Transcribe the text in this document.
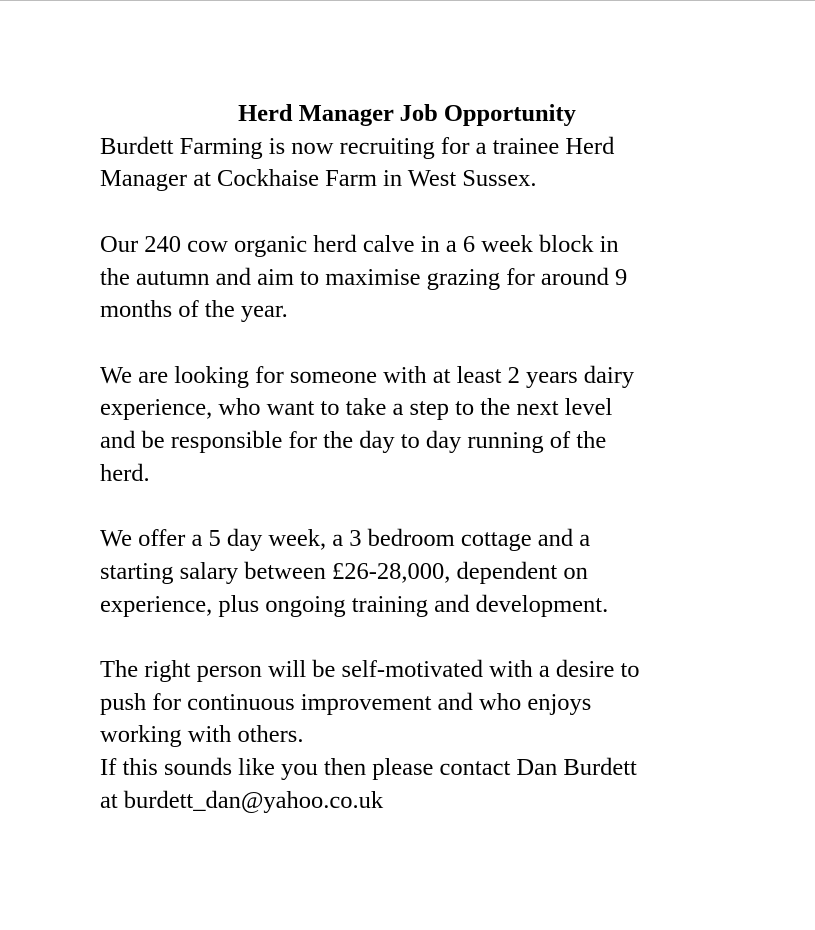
Herd Manager Job Opportunity

Burdett Farming is now recruiting for a trainee Herd
Manager at Cockhaise Farm in West Sussex.

Our 240 cow organic herd calve in a 6 week block in
the autumn and aim to maximise grazing for around 9
months of the year.

We are looking for someone with at least 2 years dairy
experience, who want to take a step to the next level
and be responsible for the day to day running of the
herd.

We offer a 5 day week, a 3 bedroom cottage and a
starting salary between £26-28,000, dependent on
experience, plus ongoing training and development.

The right person will be self-motivated with a desire to
push for continuous improvement and who enjoys
working with others.

If this sounds like you then please contact Dan Burdett
at burdett_dan@yahoo.co.uk
